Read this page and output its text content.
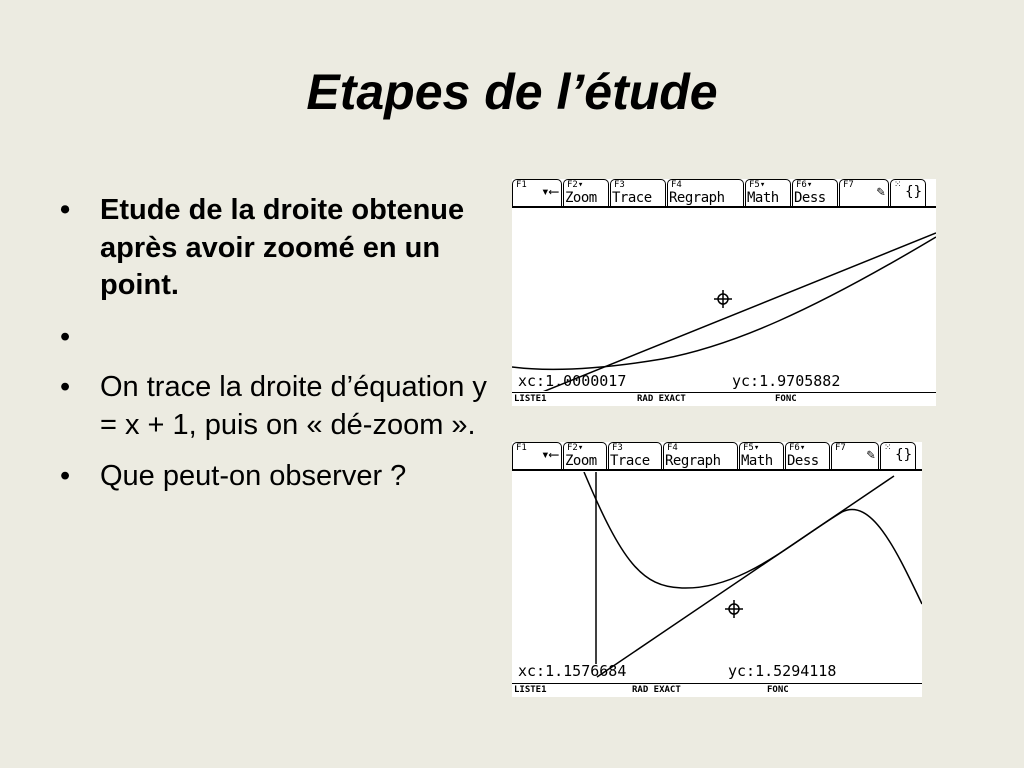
Etapes de l’étude
• Etude de la droite obtenue après avoir zoomé en un point.
•
• On trace la droite d’équation y = x + 1, puis on « dé-zoom ».
• Que peut-on observer ?
F1 ▾⟵ F2▾
Zoom
F3
Trace
F4
Regraph
F5▾
Math
F6▾
Dess
F7 ✎ ⁙ {}
xc:1.0000017	yc:1.9705882
LISTE1	RAD EXACT	FONC
F1 ▾⟵ F2▾
Zoom
F3
Trace
F4
Regraph
F5▾
Math
F6▾
Dess
F7 ✎ ⁙ {}
xc:1.1576684	yc:1.5294118
LISTE1	RAD EXACT	FONC
